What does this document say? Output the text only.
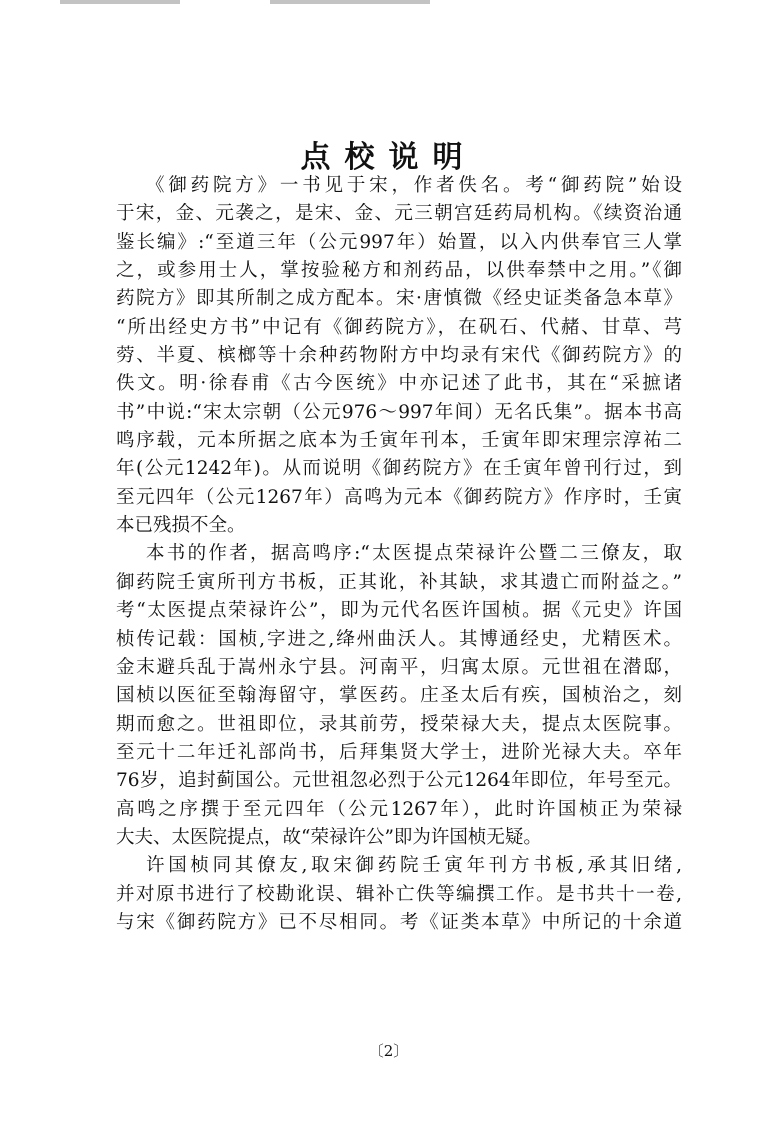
点校说明
《御药院方》一书见于宋，作者佚名。考“御药院”始设
于宋，金、元袭之，是宋、金、元三朝宫廷药局机构。《续资治通
鉴长编》:“至道三年（公元997年）始置，以入内供奉官三人掌
之，或参用士人，掌按验秘方和剂药品，以供奉禁中之用。”《御
药院方》即其所制之成方配本。宋·唐慎微《经史证类备急本草》
“所出经史方书”中记有《御药院方》，在矾石、代赭、甘草、芎
䓖、半夏、槟榔等十余种药物附方中均录有宋代《御药院方》的
佚文。明·徐春甫《古今医统》中亦记述了此书，其在“采摭诸
书”中说:“宋太宗朝（公元976～997年间）无名氏集”。据本书高
鸣序载，元本所据之底本为壬寅年刊本，壬寅年即宋理宗淳祐二
年(公元1242年)。从而说明《御药院方》在壬寅年曾刊行过，到
至元四年（公元1267年）高鸣为元本《御药院方》作序时，壬寅
本已残损不全。
本书的作者，据高鸣序:“太医提点荣禄许公暨二三僚友，取
御药院壬寅所刊方书板，正其讹，补其缺，求其遗亡而附益之。”
考“太医提点荣禄许公”，即为元代名医许国桢。据《元史》许国
桢传记载：国桢,字进之,绛州曲沃人。其博通经史，尤精医术。
金末避兵乱于嵩州永宁县。河南平，归寓太原。元世祖在潜邸，
国桢以医征至翰海留守，掌医药。庄圣太后有疾，国桢治之，刻
期而愈之。世祖即位，录其前劳，授荣禄大夫，提点太医院事。
至元十二年迁礼部尚书，后拜集贤大学士，进阶光禄大夫。卒年
76岁，追封蓟国公。元世祖忽必烈于公元1264年即位，年号至元。
高鸣之序撰于至元四年（公元1267年），此时许国桢正为荣禄
大夫、太医院提点，故“荣禄许公”即为许国桢无疑。
许国桢同其僚友,取宋御药院壬寅年刊方书板,承其旧绪,
并对原书进行了校勘讹误、辑补亡佚等编撰工作。是书共十一卷,
与宋《御药院方》已不尽相同。考《证类本草》中所记的十余道
〔2〕
